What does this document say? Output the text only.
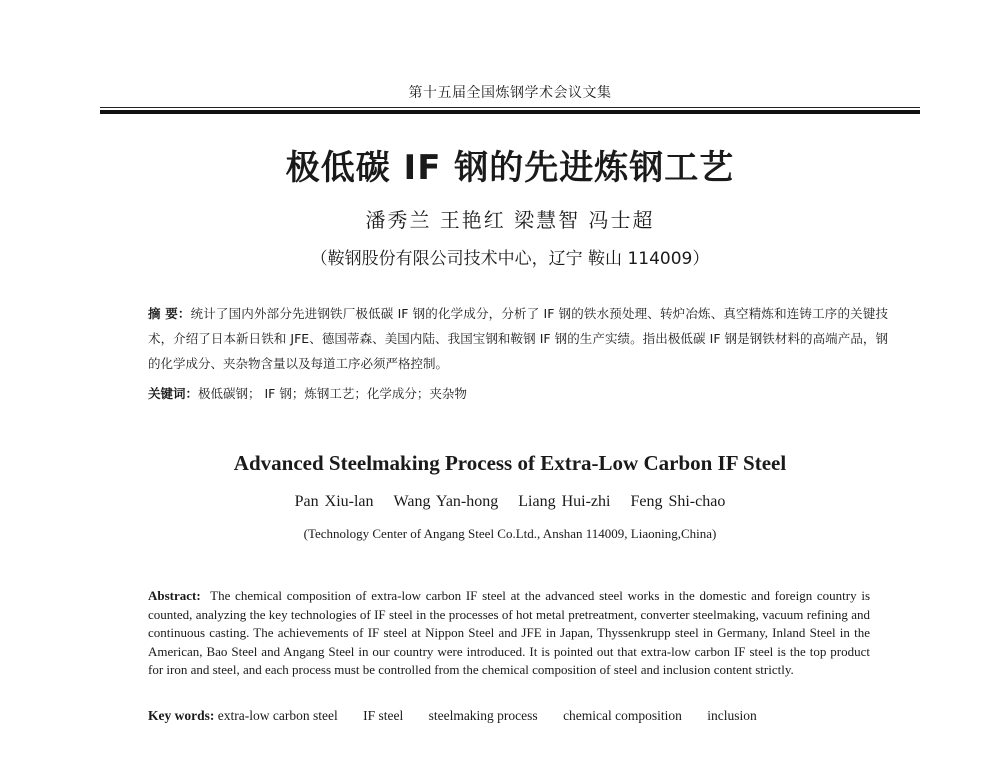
第十五届全国炼钢学术会议文集
极低碳 IF 钢的先进炼钢工艺
潘秀兰 王艳红 梁慧智 冯士超
（鞍钢股份有限公司技术中心，辽宁 鞍山 114009）
摘 要：统计了国内外部分先进钢铁厂极低碳 IF 钢的化学成分，分析了 IF 钢的铁水预处理、转炉冶炼、真空精炼和连铸工序的关键技术，介绍了日本新日铁和 JFE、德国蒂森、美国内陆、我国宝钢和鞍钢 IF 钢的生产实绩。指出极低碳 IF 钢是钢铁材料的高端产品，钢的化学成分、夹杂物含量以及每道工序必须严格控制。
关键词：极低碳钢； IF 钢；炼钢工艺；化学成分；夹杂物
Advanced Steelmaking Process of Extra-Low Carbon IF Steel
Pan Xiu-lan Wang Yan-hong Liang Hui-zhi Feng Shi-chao
(Technology Center of Angang Steel Co.Ltd., Anshan 114009, Liaoning,China)
Abstract: The chemical composition of extra-low carbon IF steel at the advanced steel works in the domestic and foreign country is counted, analyzing the key technologies of IF steel in the processes of hot metal pretreatment, converter steelmaking, vacuum refining and continuous casting. The achievements of IF steel at Nippon Steel and JFE in Japan, Thyssenkrupp steel in Germany, Inland Steel in the American, Bao Steel and Angang Steel in our country were introduced. It is pointed out that extra-low carbon IF steel is the top product for iron and steel, and each process must be controlled from the chemical composition of steel and inclusion content strictly.
Key words: extra-low carbon steel IF steel steelmaking process chemical composition inclusion
